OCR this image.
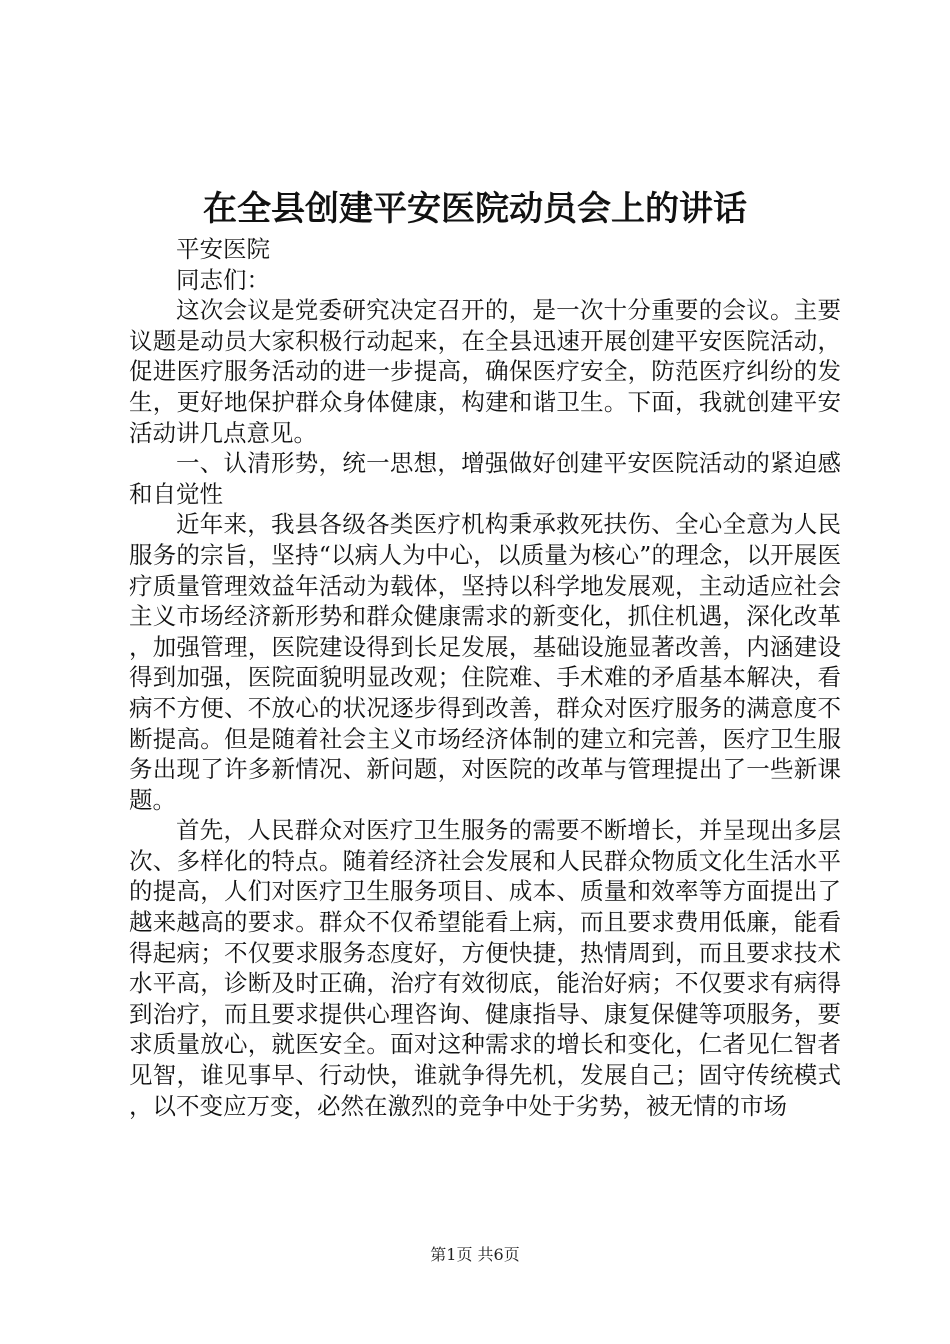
在全县创建平安医院动员会上的讲话

平安医院

同志们：

这次会议是党委研究决定召开的，是一次十分重要的会议。主要议题是动员大家积极行动起来，在全县迅速开展创建平安医院活动，促进医疗服务活动的进一步提高，确保医疗安全，防范医疗纠纷的发生，更好地保护群众身体健康，构建和谐卫生。下面，我就创建平安活动讲几点意见。

一、认清形势，统一思想，增强做好创建平安医院活动的紧迫感和自觉性

近年来，我县各级各类医疗机构秉承救死扶伤、全心全意为人民服务的宗旨，坚持“以病人为中心，以质量为核心”的理念，以开展医疗质量管理效益年活动为载体，坚持以科学地发展观，主动适应社会主义市场经济新形势和群众健康需求的新变化，抓住机遇，深化改革，加强管理，医院建设得到长足发展，基础设施显著改善，内涵建设得到加强，医院面貌明显改观；住院难、手术难的矛盾基本解决，看病不方便、不放心的状况逐步得到改善，群众对医疗服务的满意度不断提高。但是随着社会主义市场经济体制的建立和完善，医疗卫生服务出现了许多新情况、新问题，对医院的改革与管理提出了一些新课题。

首先，人民群众对医疗卫生服务的需要不断增长，并呈现出多层次、多样化的特点。随着经济社会发展和人民群众物质文化生活水平的提高，人们对医疗卫生服务项目、成本、质量和效率等方面提出了越来越高的要求。群众不仅希望能看上病，而且要求费用低廉，能看得起病；不仅要求服务态度好，方便快捷，热情周到，而且要求技术水平高，诊断及时正确，治疗有效彻底，能治好病；不仅要求有病得到治疗，而且要求提供心理咨询、健康指导、康复保健等项服务，要求质量放心，就医安全。面对这种需求的增长和变化，仁者见仁智者见智，谁见事早、行动快，谁就争得先机，发展自己；固守传统模式，以不变应万变，必然在激烈的竞争中处于劣势，被无情的市场

第1页 共6页
